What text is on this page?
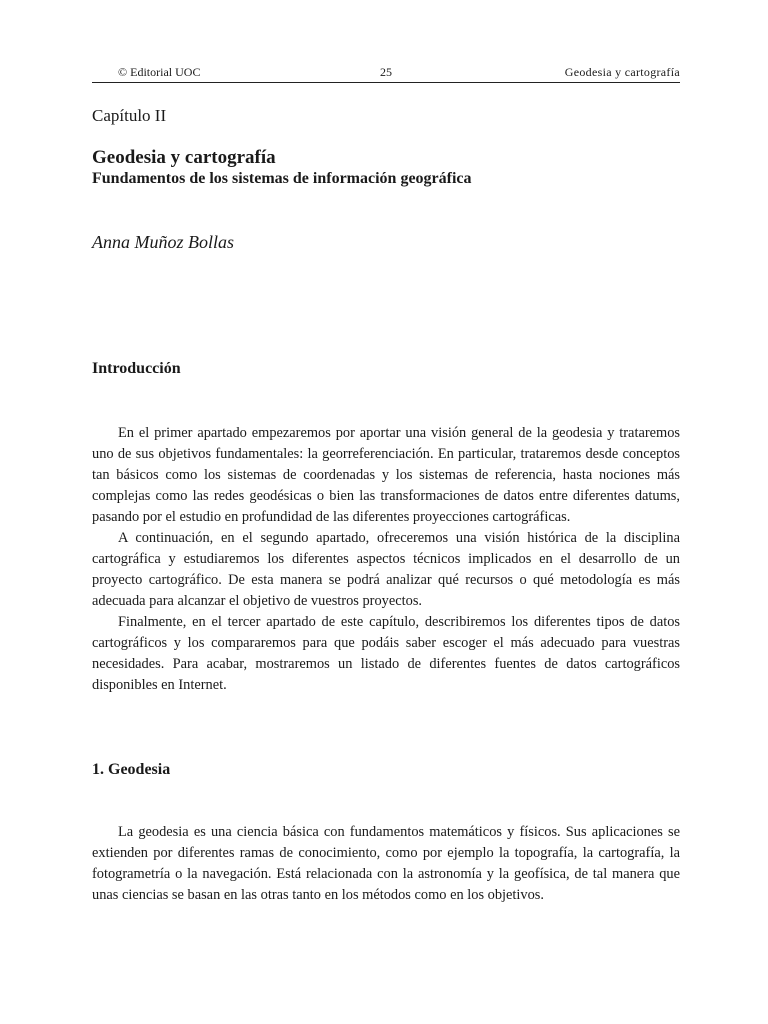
© Editorial UOC	25	Geodesia y cartografía
Capítulo II
Geodesia y cartografía
Fundamentos de los sistemas de información geográfica
Anna Muñoz Bollas
Introducción

En el primer apartado empezaremos por aportar una visión general de la geodesia y trataremos uno de sus objetivos fundamentales: la georreferenciación. En particular, trataremos desde conceptos tan básicos como los sistemas de coordenadas y los sistemas de referencia, hasta nociones más complejas como las redes geodésicas o bien las transformaciones de datos entre diferentes datums, pasando por el estudio en profundidad de las diferentes proyecciones cartográficas.

A continuación, en el segundo apartado, ofreceremos una visión histórica de la disciplina cartográfica y estudiaremos los diferentes aspectos técnicos implicados en el desarrollo de un proyecto cartográfico. De esta manera se podrá analizar qué recursos o qué metodología es más adecuada para alcanzar el objetivo de vuestros proyectos.

Finalmente, en el tercer apartado de este capítulo, describiremos los diferentes tipos de datos cartográficos y los compararemos para que podáis saber escoger el más adecuado para vuestras necesidades. Para acabar, mostraremos un listado de diferentes fuentes de datos cartográficos disponibles en Internet.

1. Geodesia

La geodesia es una ciencia básica con fundamentos matemáticos y físicos. Sus aplicaciones se extienden por diferentes ramas de conocimiento, como por ejemplo la topografía, la cartografía, la fotogrametría o la navegación. Está relacionada con la astronomía y la geofísica, de tal manera que unas ciencias se basan en las otras tanto en los métodos como en los objetivos.
